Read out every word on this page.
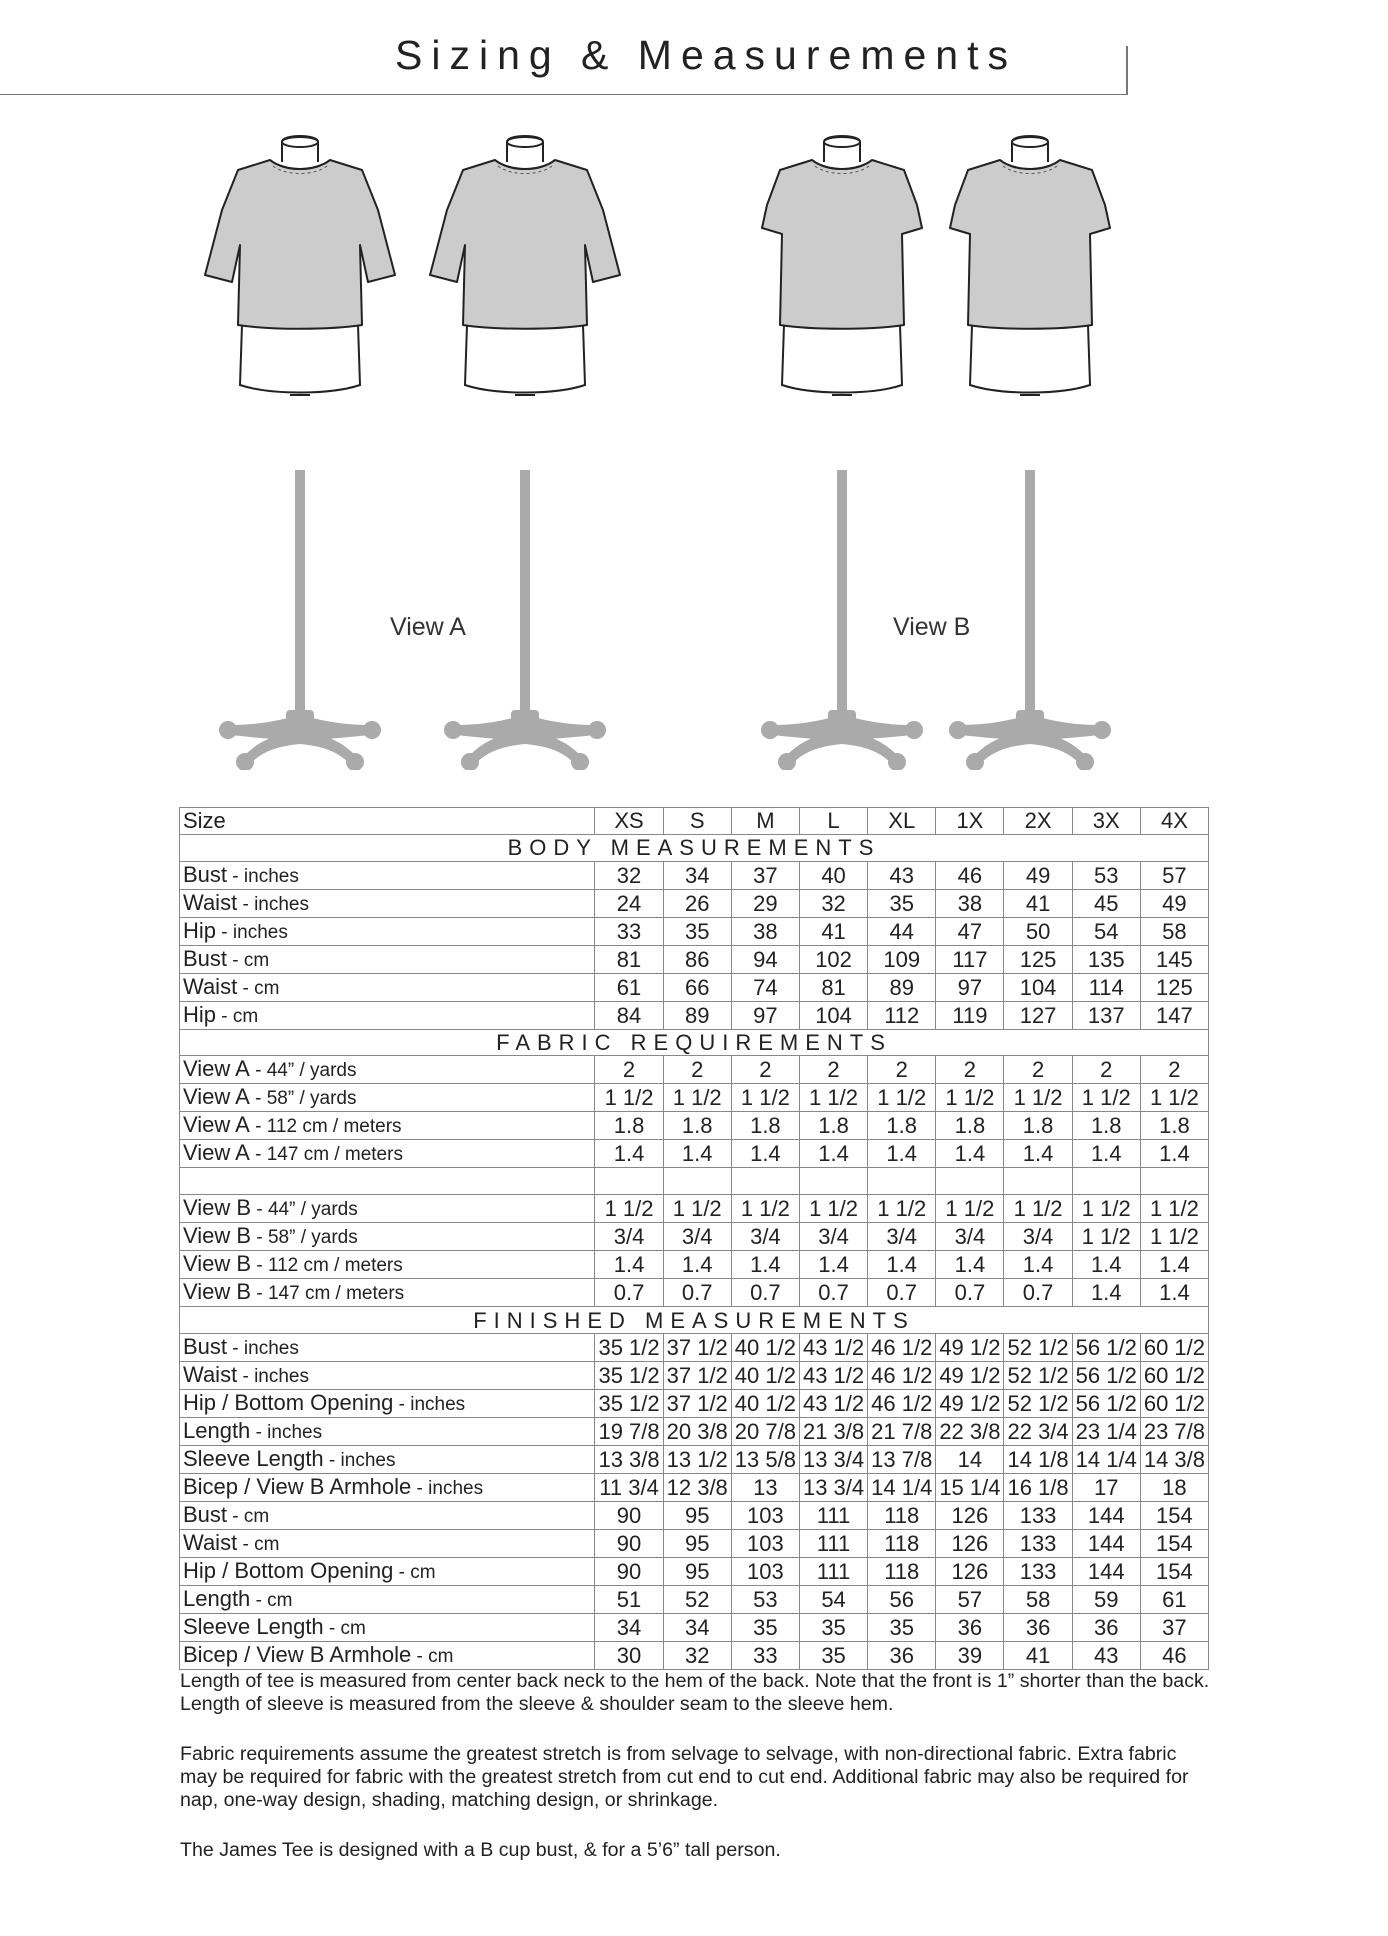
Sizing & Measurements
View A	View B
Size	XS	S	M	L	XL	1X	2X	3X	4X
BODY MEASUREMENTS									
Bust - inches	32	34	37	40	43	46	49	53	57
Waist - inches	24	26	29	32	35	38	41	45	49
Hip - inches	33	35	38	41	44	47	50	54	58
Bust - cm	81	86	94	102	109	117	125	135	145
Waist - cm	61	66	74	81	89	97	104	114	125
Hip - cm	84	89	97	104	112	119	127	137	147
FABRIC REQUIREMENTS									
View A - 44” / yards	2	2	2	2	2	2	2	2	2
View A - 58” / yards	1 1/2	1 1/2	1 1/2	1 1/2	1 1/2	1 1/2	1 1/2	1 1/2	1 1/2
View A - 112 cm / meters	1.8	1.8	1.8	1.8	1.8	1.8	1.8	1.8	1.8
View A - 147 cm / meters	1.4	1.4	1.4	1.4	1.4	1.4	1.4	1.4	1.4

View B - 44” / yards	1 1/2	1 1/2	1 1/2	1 1/2	1 1/2	1 1/2	1 1/2	1 1/2	1 1/2
View B - 58” / yards	3/4	3/4	3/4	3/4	3/4	3/4	3/4	1 1/2	1 1/2
View B - 112 cm / meters	1.4	1.4	1.4	1.4	1.4	1.4	1.4	1.4	1.4
View B - 147 cm / meters	0.7	0.7	0.7	0.7	0.7	0.7	0.7	1.4	1.4
FINISHED MEASUREMENTS									
Bust - inches	35 1/2	37 1/2	40 1/2	43 1/2	46 1/2	49 1/2	52 1/2	56 1/2	60 1/2
Waist - inches	35 1/2	37 1/2	40 1/2	43 1/2	46 1/2	49 1/2	52 1/2	56 1/2	60 1/2
Hip / Bottom Opening - inches	35 1/2	37 1/2	40 1/2	43 1/2	46 1/2	49 1/2	52 1/2	56 1/2	60 1/2
Length - inches	19 7/8	20 3/8	20 7/8	21 3/8	21 7/8	22 3/8	22 3/4	23 1/4	23 7/8
Sleeve Length - inches	13 3/8	13 1/2	13 5/8	13 3/4	13 7/8	14	14 1/8	14 1/4	14 3/8
Bicep / View B Armhole - inches	11 3/4	12 3/8	13	13 3/4	14 1/4	15 1/4	16 1/8	17	18
Bust - cm	90	95	103	111	118	126	133	144	154
Waist - cm	90	95	103	111	118	126	133	144	154
Hip / Bottom Opening - cm	90	95	103	111	118	126	133	144	154
Length - cm	51	52	53	54	56	57	58	59	61
Sleeve Length - cm	34	34	35	35	35	36	36	36	37
Bicep / View B Armhole - cm	30	32	33	35	36	39	41	43	46

Length of tee is measured from center back neck to the hem of the back. Note that the front is 1” shorter than the back. Length of sleeve is measured from the sleeve & shoulder seam to the sleeve hem.

Fabric requirements assume the greatest stretch is from selvage to selvage, with non-directional fabric. Extra fabric may be required for fabric with the greatest stretch from cut end to cut end. Additional fabric may also be required for nap, one-way design, shading, matching design, or shrinkage.

The James Tee is designed with a B cup bust, & for a 5’6” tall person.
